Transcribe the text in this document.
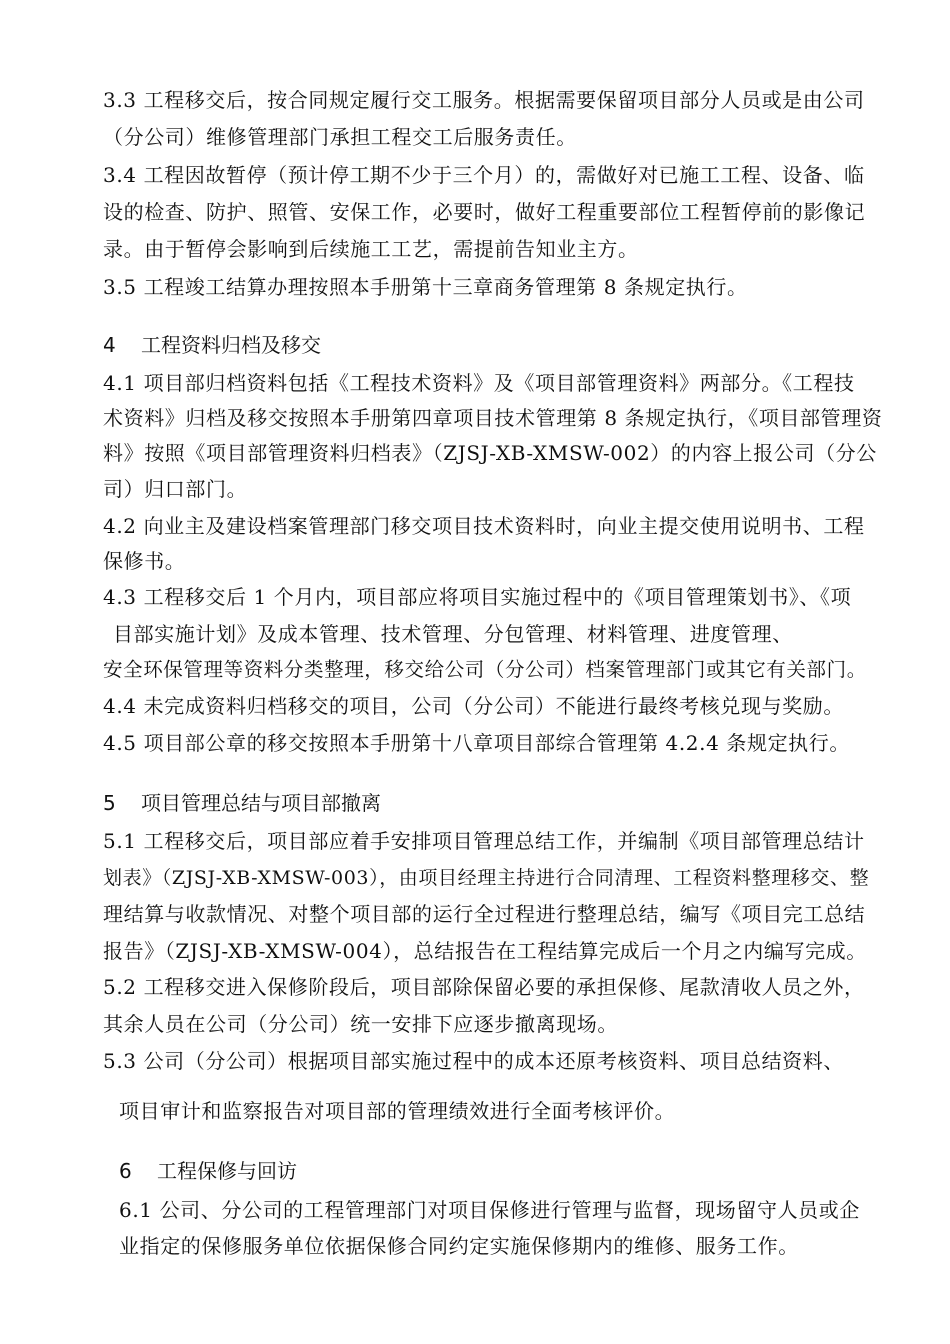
3.3 工程移交后，按合同规定履行交工服务。根据需要保留项目部分人员或是由公司
（分公司）维修管理部门承担工程交工后服务责任。
3.4 工程因故暂停（预计停工期不少于三个月）的，需做好对已施工工程、设备、临
设的检查、防护、照管、安保工作，必要时，做好工程重要部位工程暂停前的影像记
录。由于暂停会影响到后续施工工艺，需提前告知业主方。
3.5 工程竣工结算办理按照本手册第十三章商务管理第 8 条规定执行。
4 工程资料归档及移交
4.1 项目部归档资料包括《工程技术资料》及《项目部管理资料》两部分。《工程技
术资料》归档及移交按照本手册第四章项目技术管理第 8 条规定执行，《项目部管理资
料》按照《项目部管理资料归档表》（ZJSJ-XB-XMSW-002）的内容上报公司（分公
司）归口部门。
4.2 向业主及建设档案管理部门移交项目技术资料时，向业主提交使用说明书、工程
保修书。
4.3 工程移交后 1 个月内，项目部应将项目实施过程中的《项目管理策划书》、《项
目部实施计划》及成本管理、技术管理、分包管理、材料管理、进度管理、
安全环保管理等资料分类整理，移交给公司（分公司）档案管理部门或其它有关部门。
4.4 未完成资料归档移交的项目，公司（分公司）不能进行最终考核兑现与奖励。
4.5 项目部公章的移交按照本手册第十八章项目部综合管理第 4.2.4 条规定执行。
5 项目管理总结与项目部撤离
5.1 工程移交后，项目部应着手安排项目管理总结工作，并编制《项目部管理总结计
划表》（ZJSJ-XB-XMSW-003），由项目经理主持进行合同清理、工程资料整理移交、整
理结算与收款情况、对整个项目部的运行全过程进行整理总结，编写《项目完工总结
报告》（ZJSJ-XB-XMSW-004），总结报告在工程结算完成后一个月之内编写完成。
5.2 工程移交进入保修阶段后，项目部除保留必要的承担保修、尾款清收人员之外，
其余人员在公司（分公司）统一安排下应逐步撤离现场。
5.3 公司（分公司）根据项目部实施过程中的成本还原考核资料、项目总结资料、
项目审计和监察报告对项目部的管理绩效进行全面考核评价。
6 工程保修与回访
6.1 公司、分公司的工程管理部门对项目保修进行管理与监督，现场留守人员或企
业指定的保修服务单位依据保修合同约定实施保修期内的维修、服务工作。
